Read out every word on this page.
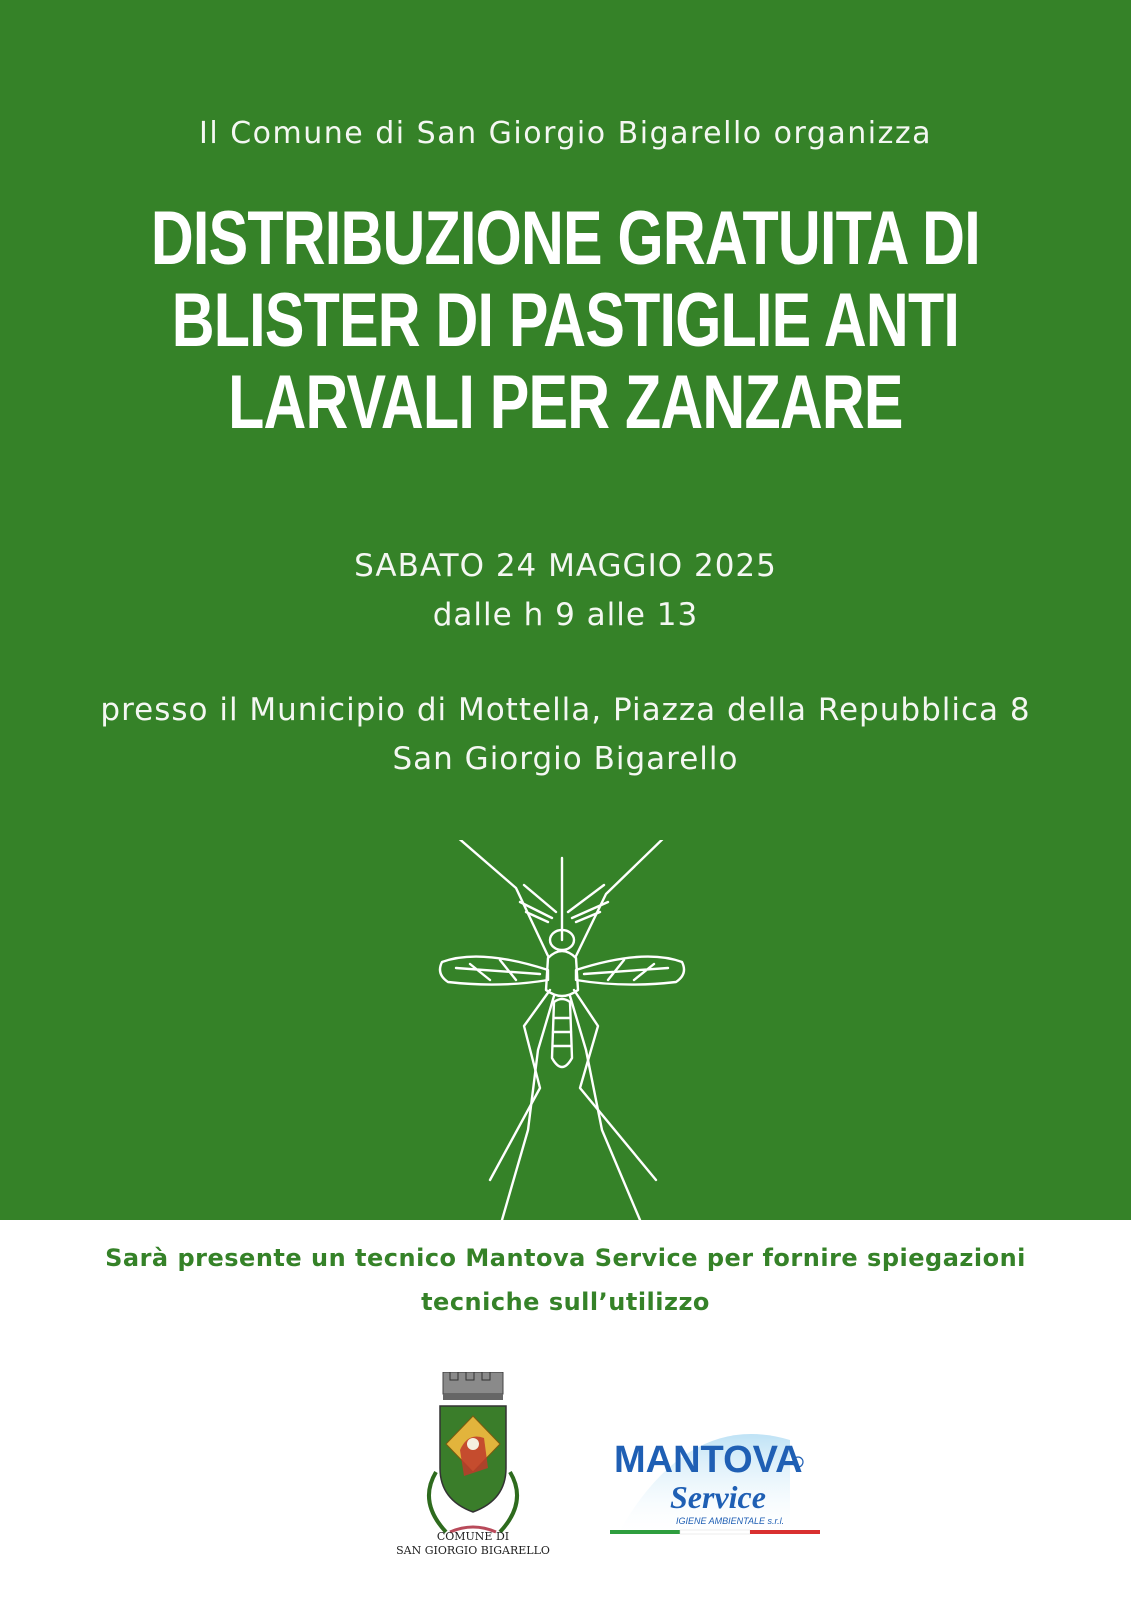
Il Comune di San Giorgio Bigarello organizza
DISTRIBUZIONE GRATUITA DI
BLISTER DI PASTIGLIE ANTI
LARVALI PER ZANZARE
SABATO 24 MAGGIO 2025
dalle h 9 alle 13
presso il Municipio di Mottella, Piazza della Repubblica 8
San Giorgio Bigarello
Sarà presente un tecnico Mantova Service per fornire spiegazioni
tecniche sull’utilizzo
COMUNE DI
SAN GIORGIO BIGARELLO
MANTOVA
Service
IGIENE AMBIENTALE s.r.l.
